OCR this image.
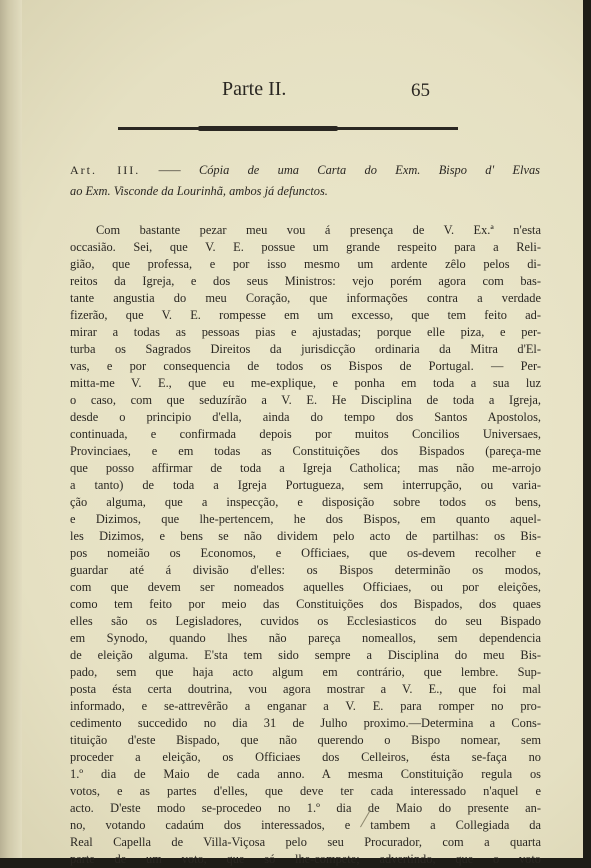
Parte II.	65

Art. III. —— Cópia de uma Carta do Exm. Bispo d' Elvas
ao Exm. Visconde da Lourinhã, ambos já defunctos.

Com bastante pezar meu vou á presença de V. Ex.ª n'esta
occasião. Sei, que V. E. possue um grande respeito para a Reli-
gião, que professa, e por isso mesmo um ardente zêlo pelos di-
reitos da Igreja, e dos seus Ministros: vejo porém agora com bas-
tante angustia do meu Coração, que informações contra a verdade
fizerão, que V. E. rompesse em um excesso, que tem feito ad-
mirar a todas as pessoas pias e ajustadas; porque elle piza, e per-
turba os Sagrados Direitos da jurisdicção ordinaria da Mitra d'El-
vas, e por consequencia de todos os Bispos de Portugal. — Per-
mitta-me V. E., que eu me-explique, e ponha em toda a sua luz
o caso, com que seduzírão a V. E. He Disciplina de toda a Igreja,
desde o principio d'ella, ainda do tempo dos Santos Apostolos,
continuada, e confirmada depois por muitos Concilios Universaes,
Provinciaes, e em todas as Constituições dos Bispados (pareça-me
que posso affirmar de toda a Igreja Catholica; mas não me-arrojo
a tanto) de toda a Igreja Portugueza, sem interrupção, ou varia-
ção alguma, que a inspecção, e disposição sobre todos os bens,
e Dizimos, que lhe-pertencem, he dos Bispos, em quanto aquel-
les Dizimos, e bens se não dividem pelo acto de partilhas: os Bis-
pos nomeião os Economos, e Officiaes, que os-devem recolher e
guardar até á divisão d'elles: os Bispos determinão os modos,
com que devem ser nomeados aquelles Officiaes, ou por eleições,
como tem feito por meio das Constituições dos Bispados, dos quaes
elles são os Legisladores, cuvidos os Ecclesiasticos do seu Bispado
em Synodo, quando lhes não pareça nomeallos, sem dependencia
de eleição alguma. E'sta tem sido sempre a Disciplina do meu Bis-
pado, sem que haja acto algum em contrário, que lembre. Sup-
posta ésta certa doutrina, vou agora mostrar a V. E., que foi mal
informado, e se-attrevêrão a enganar a V. E. para romper no pro-
cedimento succedido no dia 31 de Julho proximo.—Determina a Cons-
tituição d'este Bispado, que não querendo o Bispo nomear, sem
proceder a eleição, os Officiaes dos Celleiros, ésta se-faça no
1.º dia de Maio de cada anno. A mesma Constituição regula os
votos, e as partes d'elles, que deve ter cada interessado n'aquel e
acto. D'este modo se-procedeo no 1.º dia de Maio do presente an-
no, votando cadaúm dos interessados, e tambem a Collegiada da
Real Capella de Villa-Viçosa pelo seu Procurador, com a quarta
parte de um voto, que só lhe-compete; advertindo, que o voto
